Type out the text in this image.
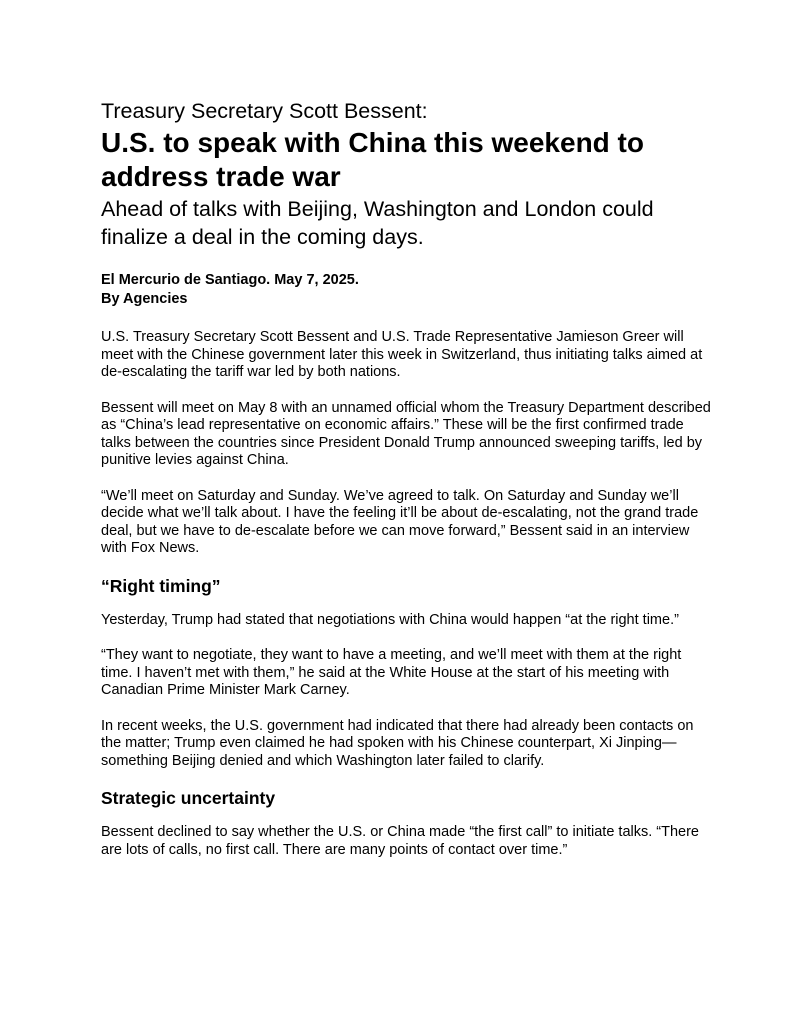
Treasury Secretary Scott Bessent:
U.S. to speak with China this weekend to address trade war

Ahead of talks with Beijing, Washington and London could finalize a deal in the coming days.

El Mercurio de Santiago. May 7, 2025.
By Agencies

U.S. Treasury Secretary Scott Bessent and U.S. Trade Representative Jamieson Greer will meet with the Chinese government later this week in Switzerland, thus initiating talks aimed at de-escalating the tariff war led by both nations.

Bessent will meet on May 8 with an unnamed official whom the Treasury Department described as “China’s lead representative on economic affairs.” These will be the first confirmed trade talks between the countries since President Donald Trump announced sweeping tariffs, led by punitive levies against China.

“We’ll meet on Saturday and Sunday. We’ve agreed to talk. On Saturday and Sunday we’ll decide what we’ll talk about. I have the feeling it’ll be about de-escalating, not the grand trade deal, but we have to de-escalate before we can move forward,” Bessent said in an interview with Fox News.

“Right timing”

Yesterday, Trump had stated that negotiations with China would happen “at the right time.”

“They want to negotiate, they want to have a meeting, and we’ll meet with them at the right time. I haven’t met with them,” he said at the White House at the start of his meeting with Canadian Prime Minister Mark Carney.

In recent weeks, the U.S. government had indicated that there had already been contacts on the matter; Trump even claimed he had spoken with his Chinese counterpart, Xi Jinping—something Beijing denied and which Washington later failed to clarify.

Strategic uncertainty

Bessent declined to say whether the U.S. or China made “the first call” to initiate talks. “There are lots of calls, no first call. There are many points of contact over time.”
